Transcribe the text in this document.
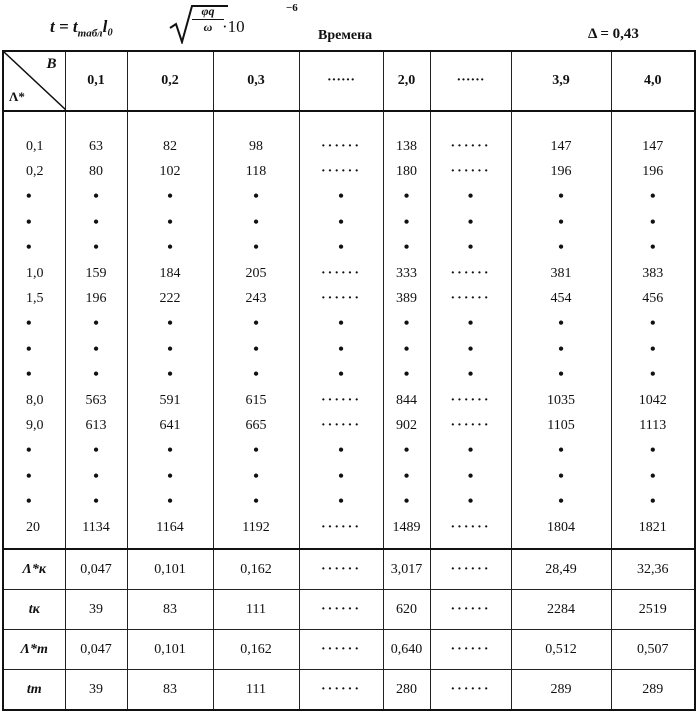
$t = t_{табл}l_0$	$\frac{\varphi q}{\omega}$
·10
−6
Времена	Δ = 0,43
B
Λ*	0,1	0,2	0,3	······	2,0	······	3,9	4,0
0,1	63	82	98	······	138	······	147	147
0,2	80	102	118	······	180	······	196	196
•	•	•	•	•	•	•	•	•
•	•	•	•	•	•	•	•	•
•	•	•	•	•	•	•	•	•
1,0	159	184	205	······	333	······	381	383
1,5	196	222	243	······	389	······	454	456
•	•	•	•	•	•	•	•	•
•	•	•	•	•	•	•	•	•
•	•	•	•	•	•	•	•	•
8,0	563	591	615	······	844	······	1035	1042
9,0	613	641	665	······	902	······	1105	1113
•	•	•	•	•	•	•	•	•
•	•	•	•	•	•	•	•	•
•	•	•	•	•	•	•	•	•
20	1134	1164	1192	······	1489	······	1804	1821
Λ*к	0,047	0,101	0,162	······	3,017	······	28,49	32,36
tк	39	83	111	······	620	······	2284	2519
Λ*m	0,047	0,101	0,162	······	0,640	······	0,512	0,507
tm	39	83	111	······	280	······	289	289
